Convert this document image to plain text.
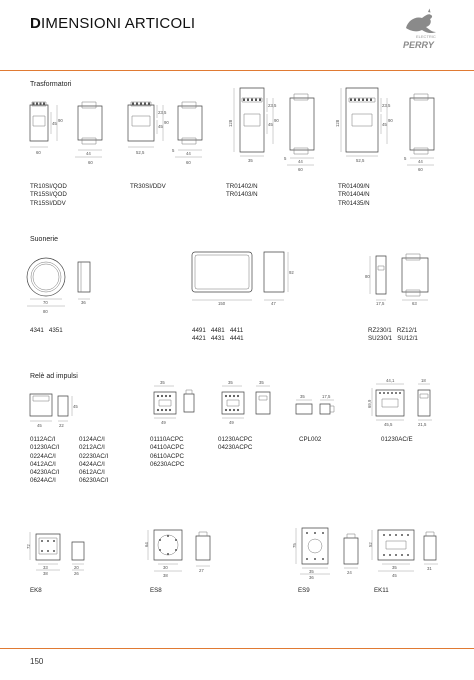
DIMENSIONI ARTICOLI
ELECTRIC
PERRY
Trasformatori
60
45
90
44
60
TR10SI/QOD
TR15SI/QOD
TR15SI/DDV
52,5
23,5
45
90
5
44
60
TR30SI/DDV
128
23,5
45
90
35	5
44
60
TR01402/N
TR01403/N
128
23,5
45
90
52,5	5
44
60
TR01409/N
TR01404/N
TR01435/N
Suonerie
70
80
36
4341   4351
150
92
47
4491   4481   4411
4421   4431   4441
80
17,5	63
RZ230/1   RZ12/1
SU230/1   SU12/1
Relè ad impulsi
45	22
45
0112AC/I
01230AC/I
0224AC/I
0412AC/I
04230AC/I
0624AC/I
0124AC/I
0212AC/I
02230AC/I
0424AC/I
0612AC/I
06230AC/I
35
49
01110ACPC
04110ACPC
06110ACPC
06230ACPC
35
49
35
01230ACPC
04230ACPC
35	17,5
CPL002
44,1
69,9
45,5
18
21,5
01230AC/E
72
33
38
20
26
EK8
64
30
38
27
ES8
75
35
36
24
ES9
52
35
45
31
EK11
150
